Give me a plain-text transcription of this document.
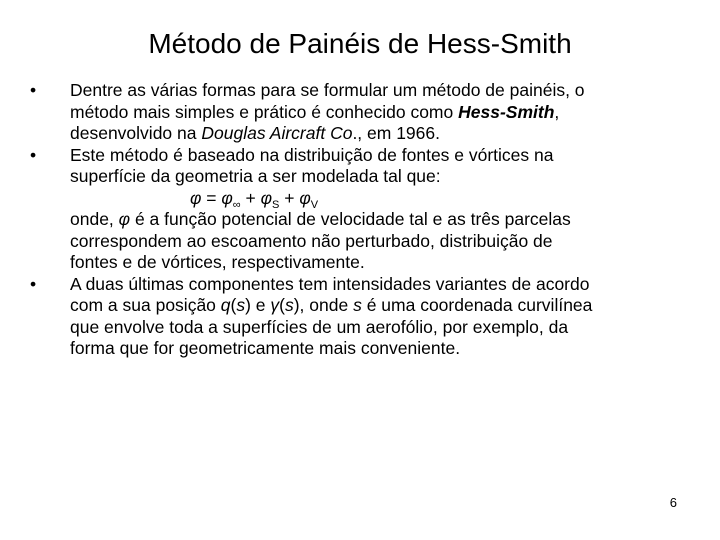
Método de Painéis de Hess-Smith
•	Dentre as várias formas para se formular um método de painéis, o
método mais simples e prático é conhecido como Hess-Smith,
desenvolvido na Douglas Aircraft Co., em 1966.
•	Este método é baseado na distribuição de fontes e vórtices na
superfície da geometria a ser modelada tal que:
$\varphi = \varphi_\infty + \varphi_S + \varphi_V$
onde, φ é a função potencial de velocidade tal e as três parcelas
correspondem ao escoamento não perturbado, distribuição de
fontes e de vórtices, respectivamente.
•	A duas últimas componentes tem intensidades variantes de acordo
com a sua posição q(s) e γ(s), onde s é uma coordenada curvilínea
que envolve toda a superfícies de um aerofólio, por exemplo, da
forma que for geometricamente mais conveniente.
6
